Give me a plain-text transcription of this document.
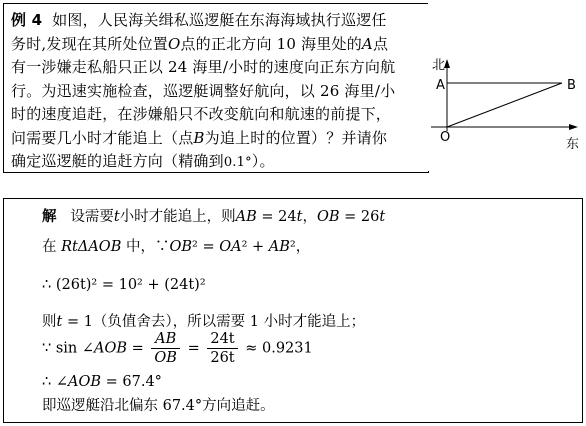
例 4 如图，人民海关缉私巡逻艇在东海海域执行巡逻任
务时,发现在其所处位置O点的正北方向 10 海里处的A点
有一涉嫌走私船只正以 24 海里/小时的速度向正东方向航
行。为迅速实施检查，巡逻艇调整好航向，以 26 海里/小
时的速度追赶，在涉嫌船只不改变航向和航速的前提下，
问需要几小时才能追上（点B为追上时的位置）？并请你
确定巡逻艇的追赶方向（精确到0.1°）。
北
A	B
O	东
解 设需要t小时才能追上，则AB = 24t，OB = 26t
在 RtΔAOB 中，∵OB² = OA² + AB²，
∴ (26t)² = 10² + (24t)²
则t = 1（负值舍去），所以需要 1 小时才能追上；
∵ sin ∠AOB = $\frac{AB}{OB} = \frac{24t}{26t} \approx 0.9231$
∴ ∠AOB = 67.4°
即巡逻艇沿北偏东 67.4°方向追赶。
